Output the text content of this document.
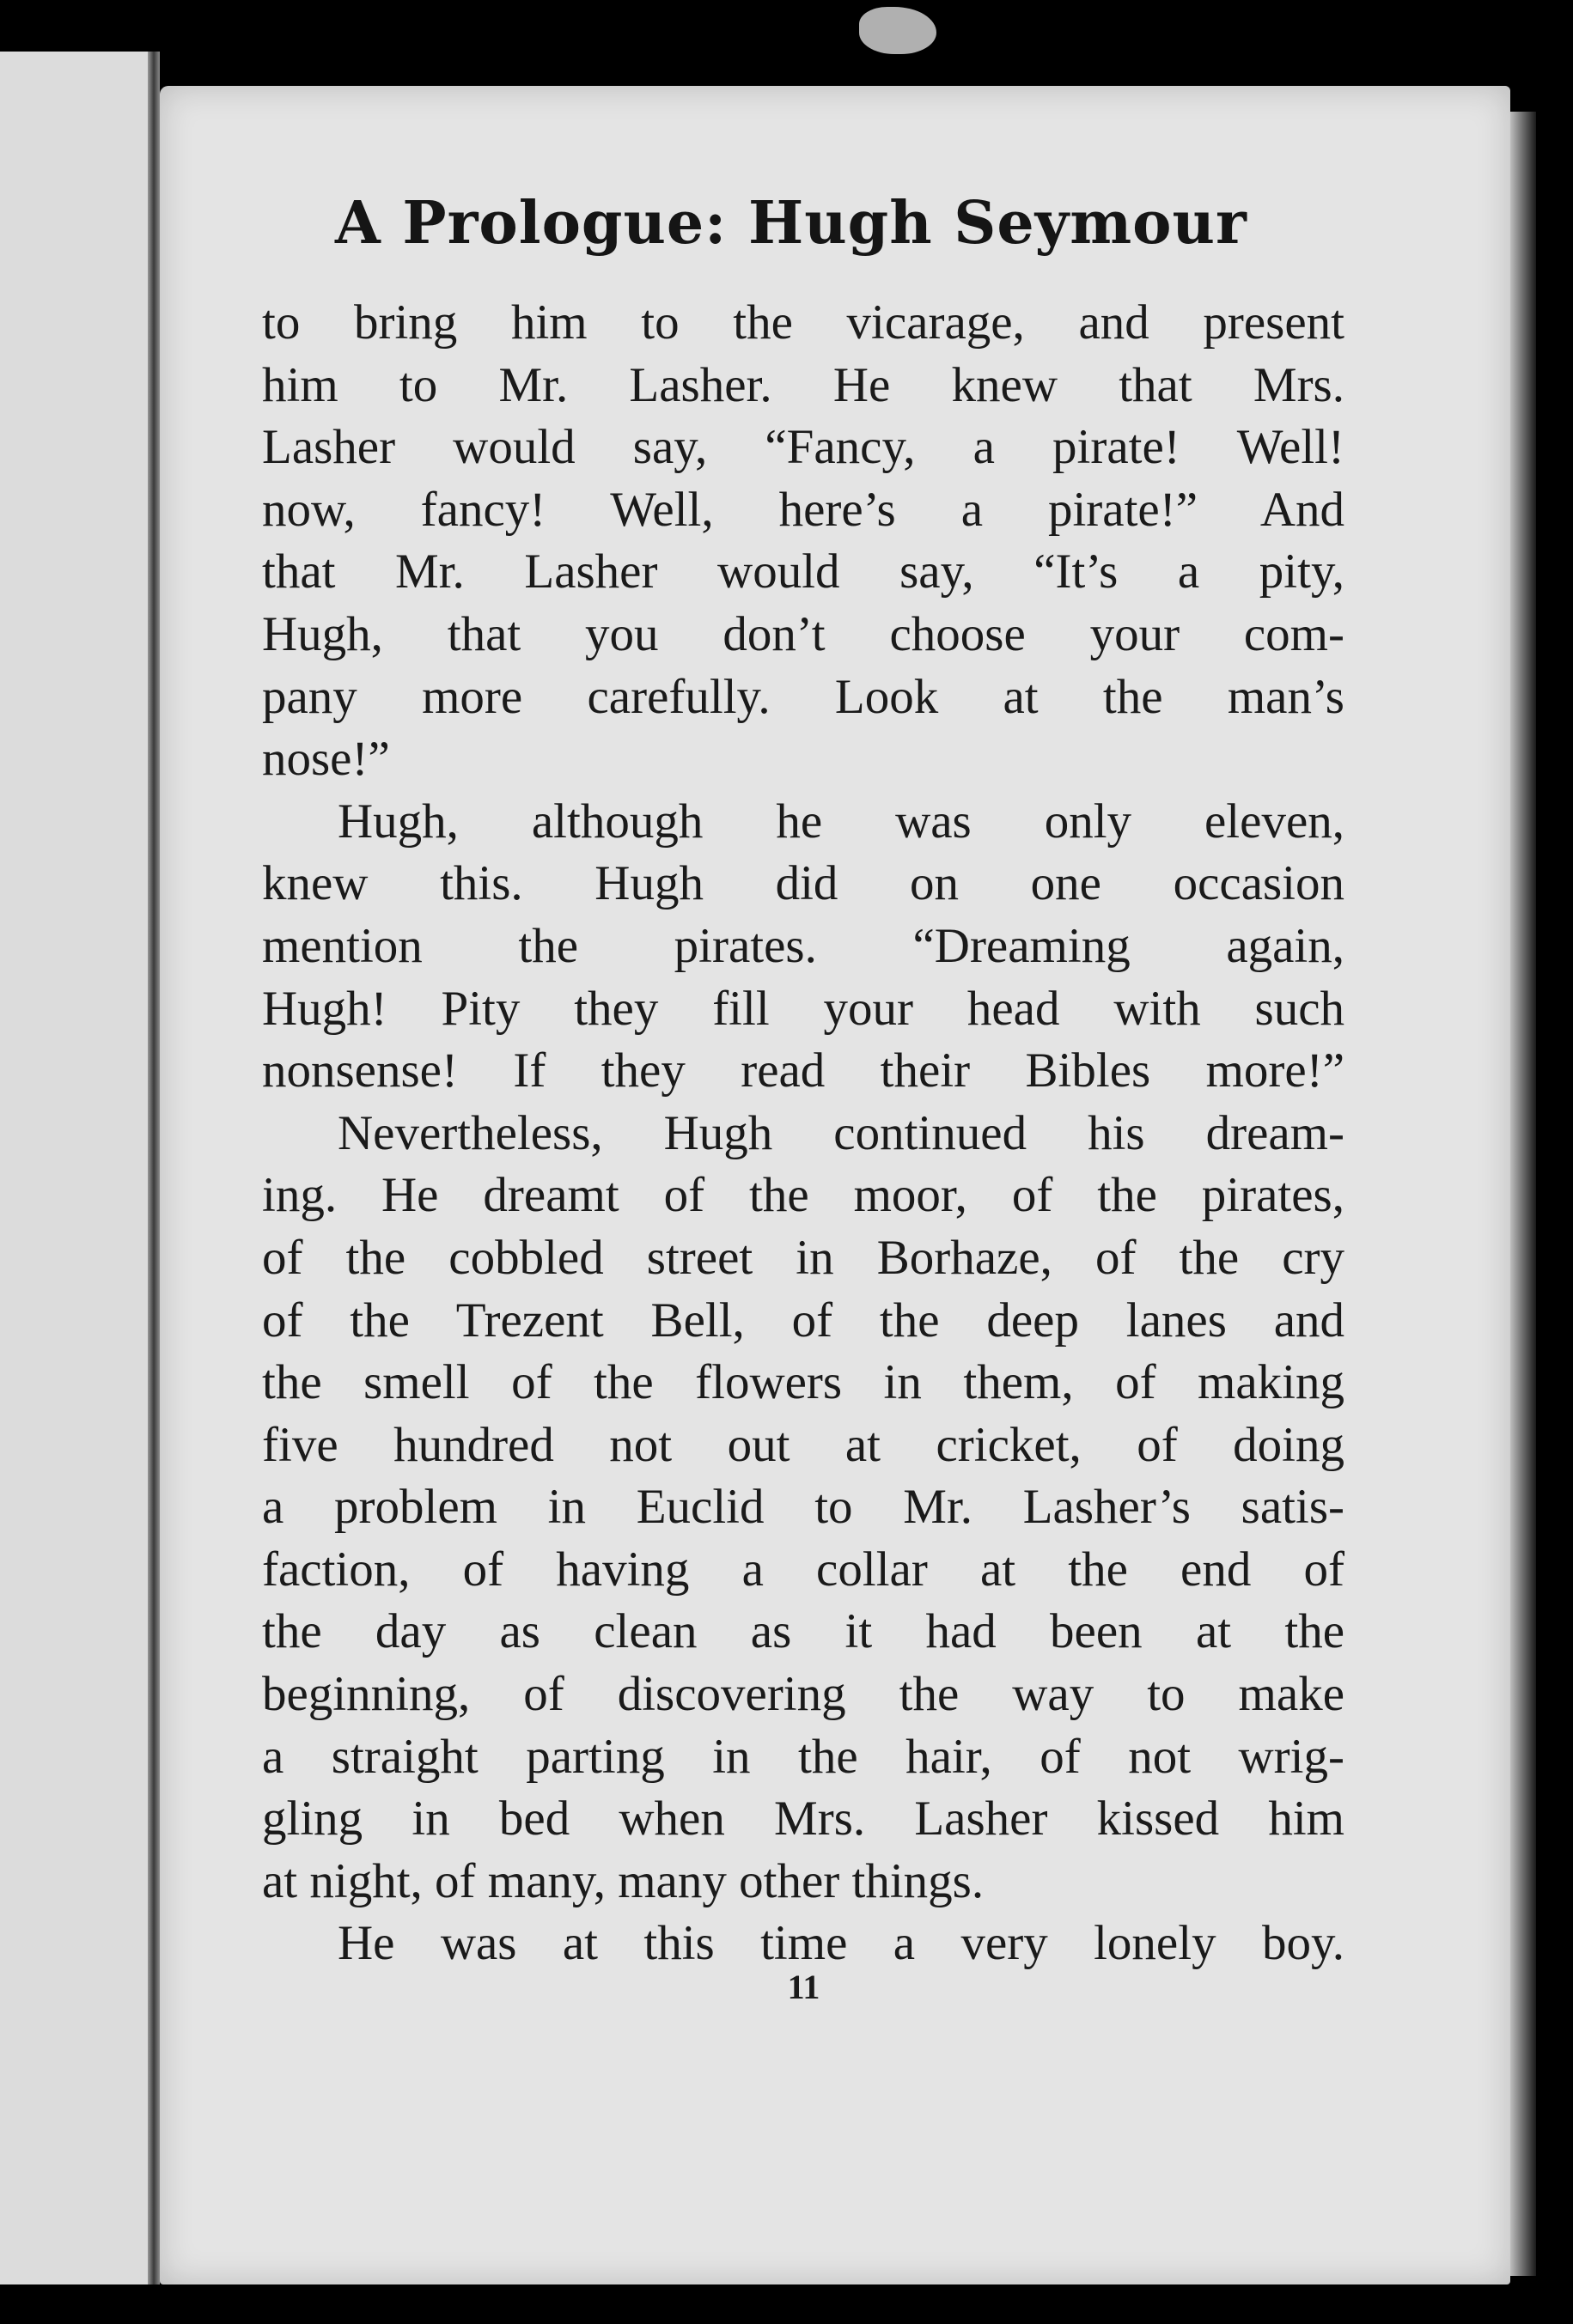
A Prologue: Hugh Seymour

to bring him to the vicarage, and present

him to Mr. Lasher. He knew that Mrs.

Lasher would say, “Fancy, a pirate! Well!

now, fancy! Well, here’s a pirate!” And

that Mr. Lasher would say, “It’s a pity,

Hugh, that you don’t choose your com-

pany more carefully. Look at the man’s

nose!”

Hugh, although he was only eleven,

knew this. Hugh did on one occasion

mention the pirates. “Dreaming again,

Hugh! Pity they fill your head with such

nonsense! If they read their Bibles more!”

Nevertheless, Hugh continued his dream-

ing. He dreamt of the moor, of the pirates,

of the cobbled street in Borhaze, of the cry

of the Trezent Bell, of the deep lanes and

the smell of the flowers in them, of making

five hundred not out at cricket, of doing

a problem in Euclid to Mr. Lasher’s satis-

faction, of having a collar at the end of

the day as clean as it had been at the

beginning, of discovering the way to make

a straight parting in the hair, of not wrig-

gling in bed when Mrs. Lasher kissed him

at night, of many, many other things.

He was at this time a very lonely boy.

11
